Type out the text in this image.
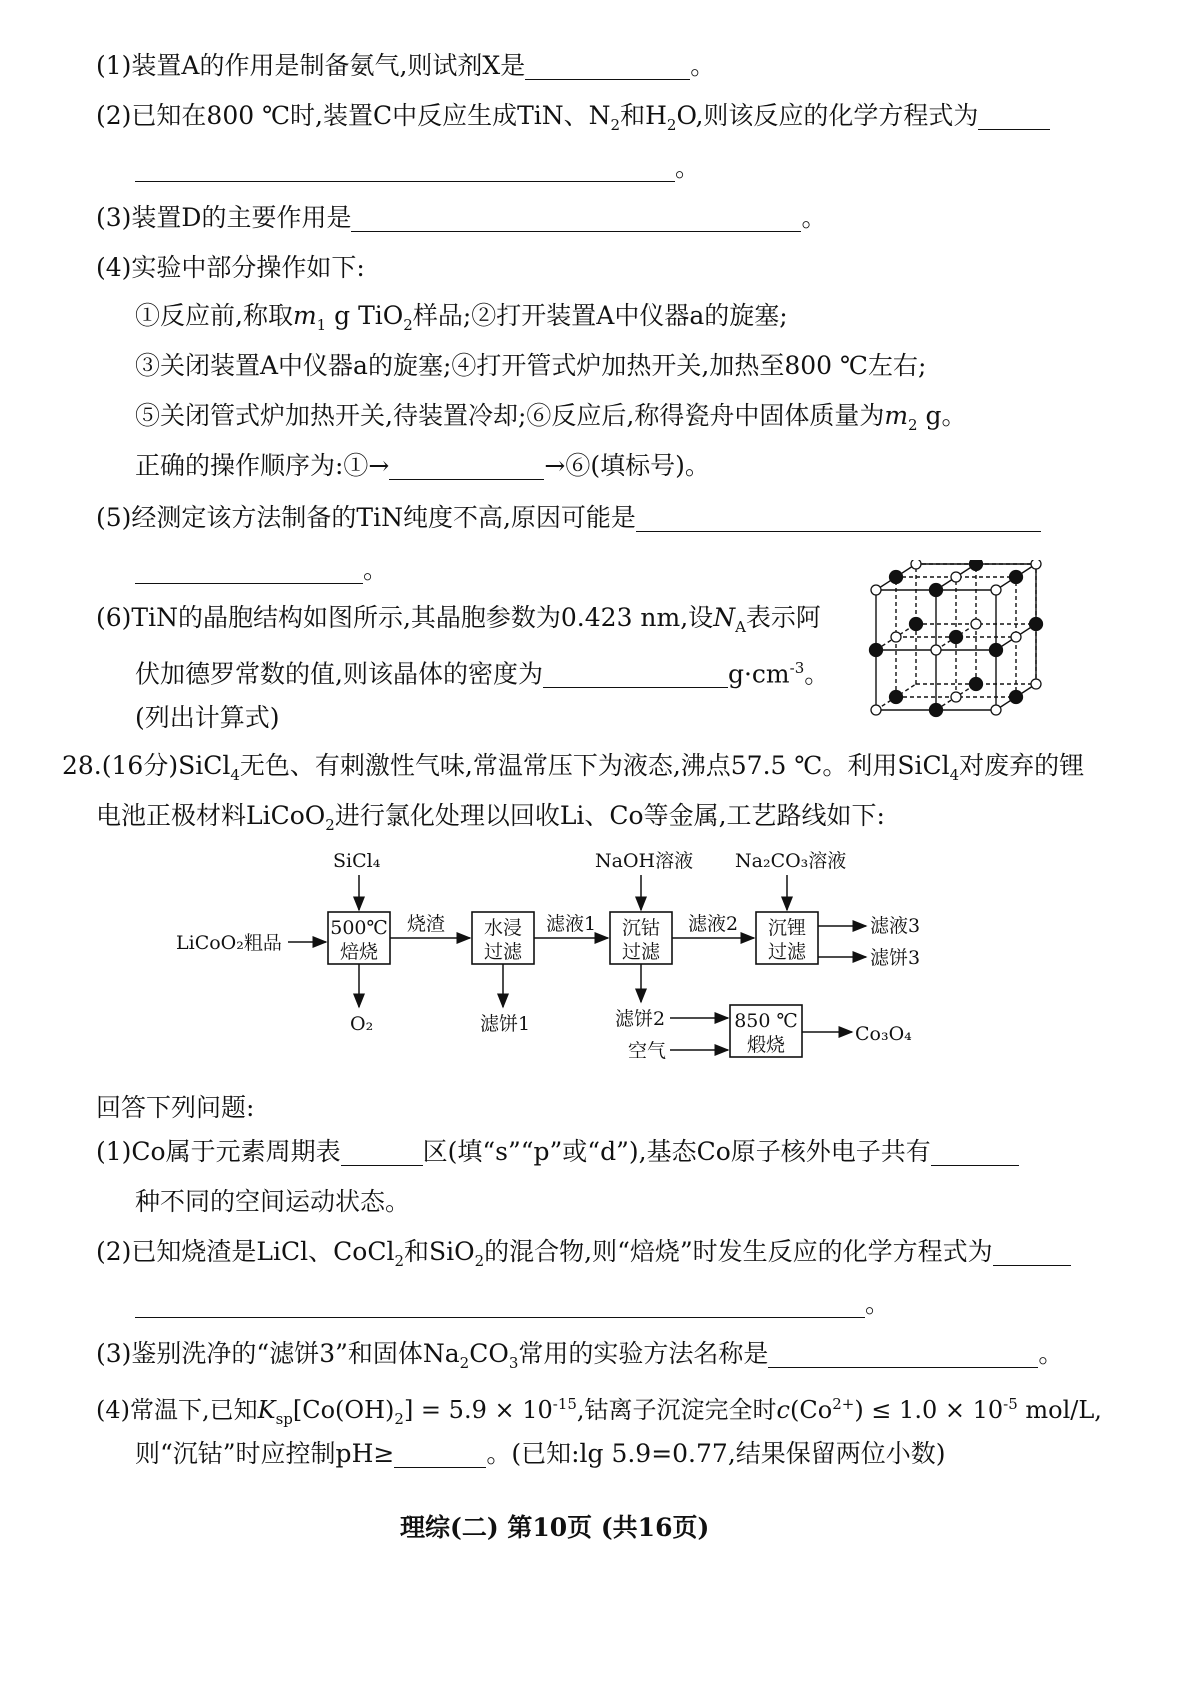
(1)装置A的作用是制备氨气,则试剂X是	。
(2)已知在800 ℃时,装置C中反应生成TiN、$N_2$和$H_2O$,则该反应的化学方程式为
。
(3)装置D的主要作用是	。
(4)实验中部分操作如下:
①反应前,称取$m_1$ g TiO$_2$样品;②打开装置A中仪器a的旋塞;
③关闭装置A中仪器a的旋塞;④打开管式炉加热开关,加热至800 ℃左右;
⑤关闭管式炉加热开关,待装置冷却;⑥反应后,称得瓷舟中固体质量为$m_2$ g。
正确的操作顺序为:①→	→⑥(填标号)。
(5)经测定该方法制备的TiN纯度不高,原因可能是
。
(6)TiN的晶胞结构如图所示,其晶胞参数为0.423 nm,设$N_A$表示阿
伏加德罗常数的值,则该晶体的密度为	$g\cdot cm^{-3}$。
(列出计算式)
28.(16分)SiCl$_4$无色、有刺激性气味,常温常压下为液态,沸点57.5 ℃。利用SiCl$_4$对废弃的锂
电池正极材料LiCoO$_2$进行氯化处理以回收Li、Co等金属,工艺路线如下:
SiCl₄	NaOH溶液 Na₂CO₃溶液
LiCoO₂粗品
烧渣	滤液1	滤液2
O₂	滤饼1	滤饼2
空气
滤液3
滤饼3
Co₃O₄
500℃
焙烧
水浸
过滤
沉钴
过滤
沉锂
过滤
850 ℃
煅烧
回答下列问题:
(1)Co属于元素周期表	区(填“s”“p”或“d”),基态Co原子核外电子共有
种不同的空间运动状态。
(2)已知烧渣是LiCl、CoCl$_2$和SiO$_2$的混合物,则“焙烧”时发生反应的化学方程式为
。
(3)鉴别洗净的“滤饼3”和固体$Na_2CO_3$常用的实验方法名称是	。
(4)常温下,已知$K_{sp}[Co(OH)_2] = 5.9 \times 10^{-15}$,钴离子沉淀完全时$c(Co^{2+}) \le 1.0 \times 10^{-5}$ mol/L,
则“沉钴”时应控制pH≥	。(已知:lg 5.9=0.77,结果保留两位小数)
理综(二) 第10页 (共16页)
